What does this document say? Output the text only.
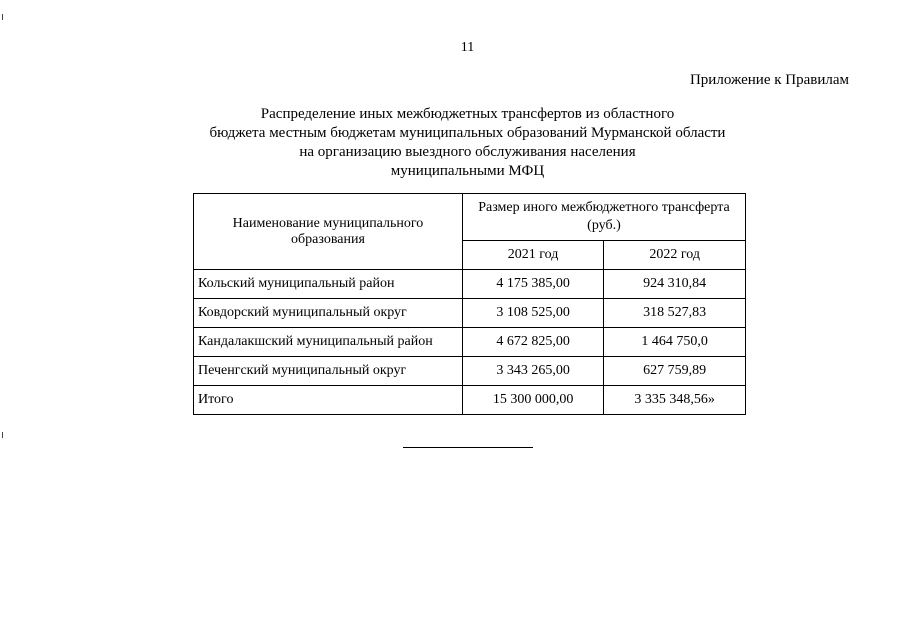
11
Приложение к Правилам
Распределение иных межбюджетных трансфертов из областного
бюджета местным бюджетам муниципальных образований Мурманской области
на организацию выездного обслуживания населения
муниципальными МФЦ
Наименование муниципального образования	Размер иного межбюджетного трансферта (руб.)	
	2021 год	2022 год
Кольский муниципальный район	4 175 385,00	924 310,84
Ковдорский муниципальный округ	3 108 525,00	318 527,83
Кандалакшский муниципальный район	4 672 825,00	1 464 750,0
Печенгский муниципальный округ	3 343 265,00	627 759,89
Итого	15 300 000,00	3 335 348,56»
